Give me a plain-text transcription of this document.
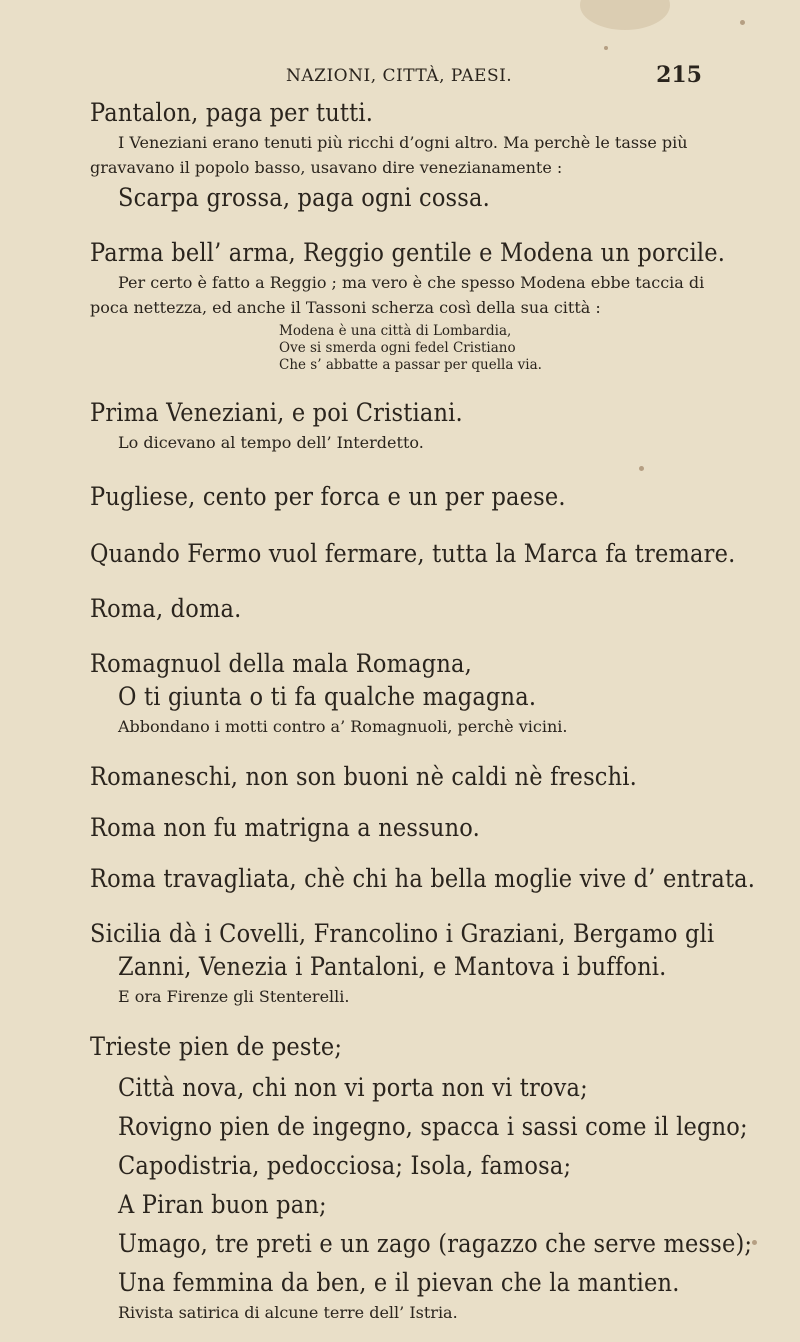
NAZIONI, CITTÀ, PAESI.	215
Pantalon, paga per tutti.
I Veneziani erano tenuti più ricchi d’ogni altro. Ma perchè le tasse più
gravavano il popolo basso, usavano dire venezianamente :
Scarpa grossa, paga ogni cossa.
Parma bell’ arma, Reggio gentile e Modena un porcile.
Per certo è fatto a Reggio ; ma vero è che spesso Modena ebbe taccia di
poca nettezza, ed anche il Tassoni scherza così della sua città :
Modena è una città di Lombardia,
Ove si smerda ogni fedel Cristiano
Che s’ abbatte a passar per quella via.
Prima Veneziani, e poi Cristiani.
Lo dicevano al tempo dell’ Interdetto.
Pugliese, cento per forca e un per paese.
Quando Fermo vuol fermare, tutta la Marca fa tremare.
Roma, doma.
Romagnuol della mala Romagna,
O ti giunta o ti fa qualche magagna.
Abbondano i motti contro a’ Romagnuoli, perchè vicini.
Romaneschi, non son buoni nè caldi nè freschi.
Roma non fu matrigna a nessuno.
Roma travagliata, chè chi ha bella moglie vive d’ entrata.
Sicilia dà i Covelli, Francolino i Graziani, Bergamo gli
Zanni, Venezia i Pantaloni, e Mantova i buffoni.
E ora Firenze gli Stenterelli.
Trieste pien de peste;
Città nova, chi non vi porta non vi trova;
Rovigno pien de ingegno, spacca i sassi come il legno;
Capodistria, pedocciosa; Isola, famosa;
A Piran buon pan;
Umago, tre preti e un zago (ragazzo che serve messe);
Una femmina da ben, e il pievan che la mantien.
Rivista satirica di alcune terre dell’ Istria.
